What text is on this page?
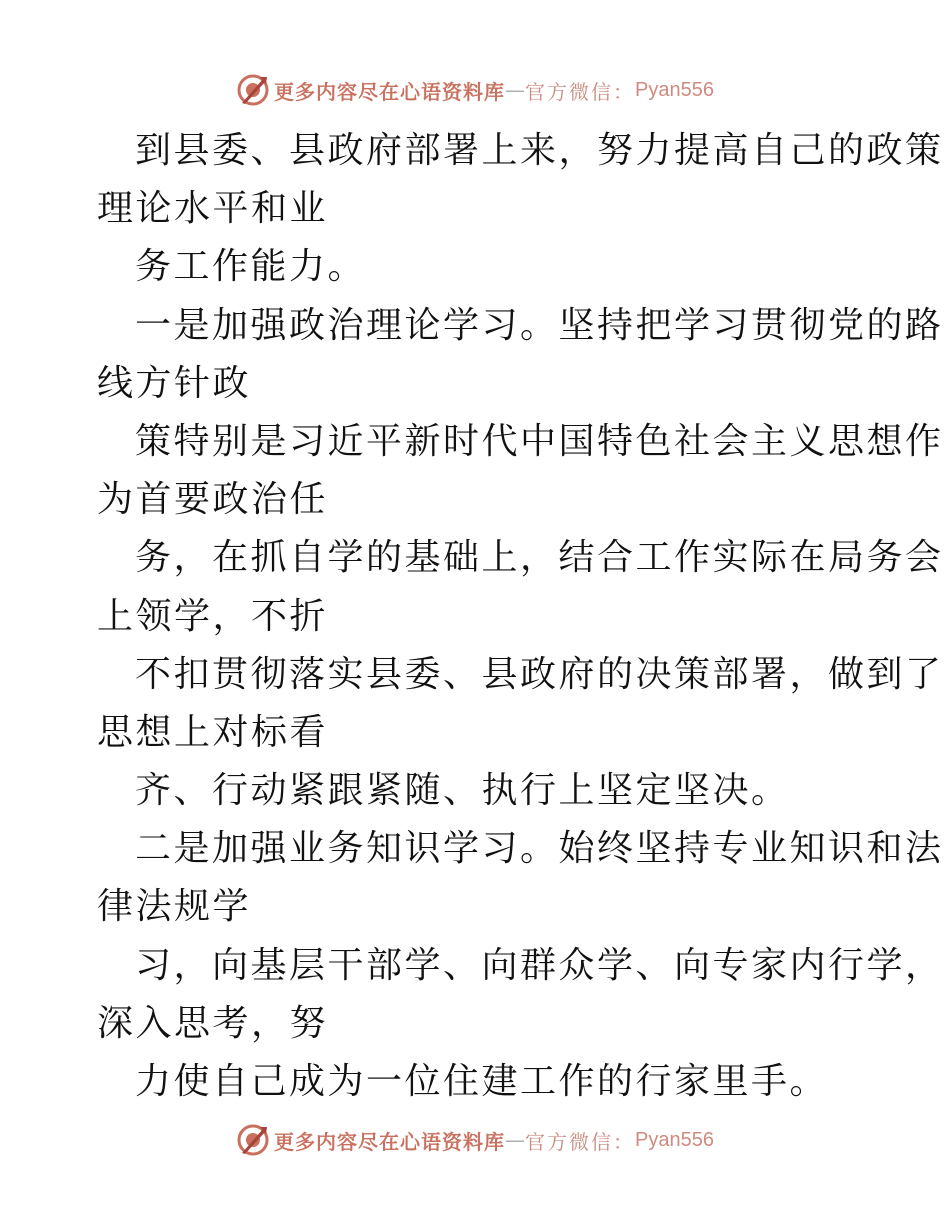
更多内容尽在心语资料库 — 官方微信： Pyan556
到县委、县政府部署上来，努力提高自己的政策
理论水平和业
务工作能力。
一是加强政治理论学习。坚持把学习贯彻党的路
线方针政
策特别是习近平新时代中国特色社会主义思想作
为首要政治任
务，在抓自学的基础上，结合工作实际在局务会
上领学，不折
不扣贯彻落实县委、县政府的决策部署，做到了
思想上对标看
齐、行动紧跟紧随、执行上坚定坚决。
二是加强业务知识学习。始终坚持专业知识和法
律法规学
习，向基层干部学、向群众学、向专家内行学，
深入思考，努
力使自己成为一位住建工作的行家里手。
更多内容尽在心语资料库 — 官方微信： Pyan556
